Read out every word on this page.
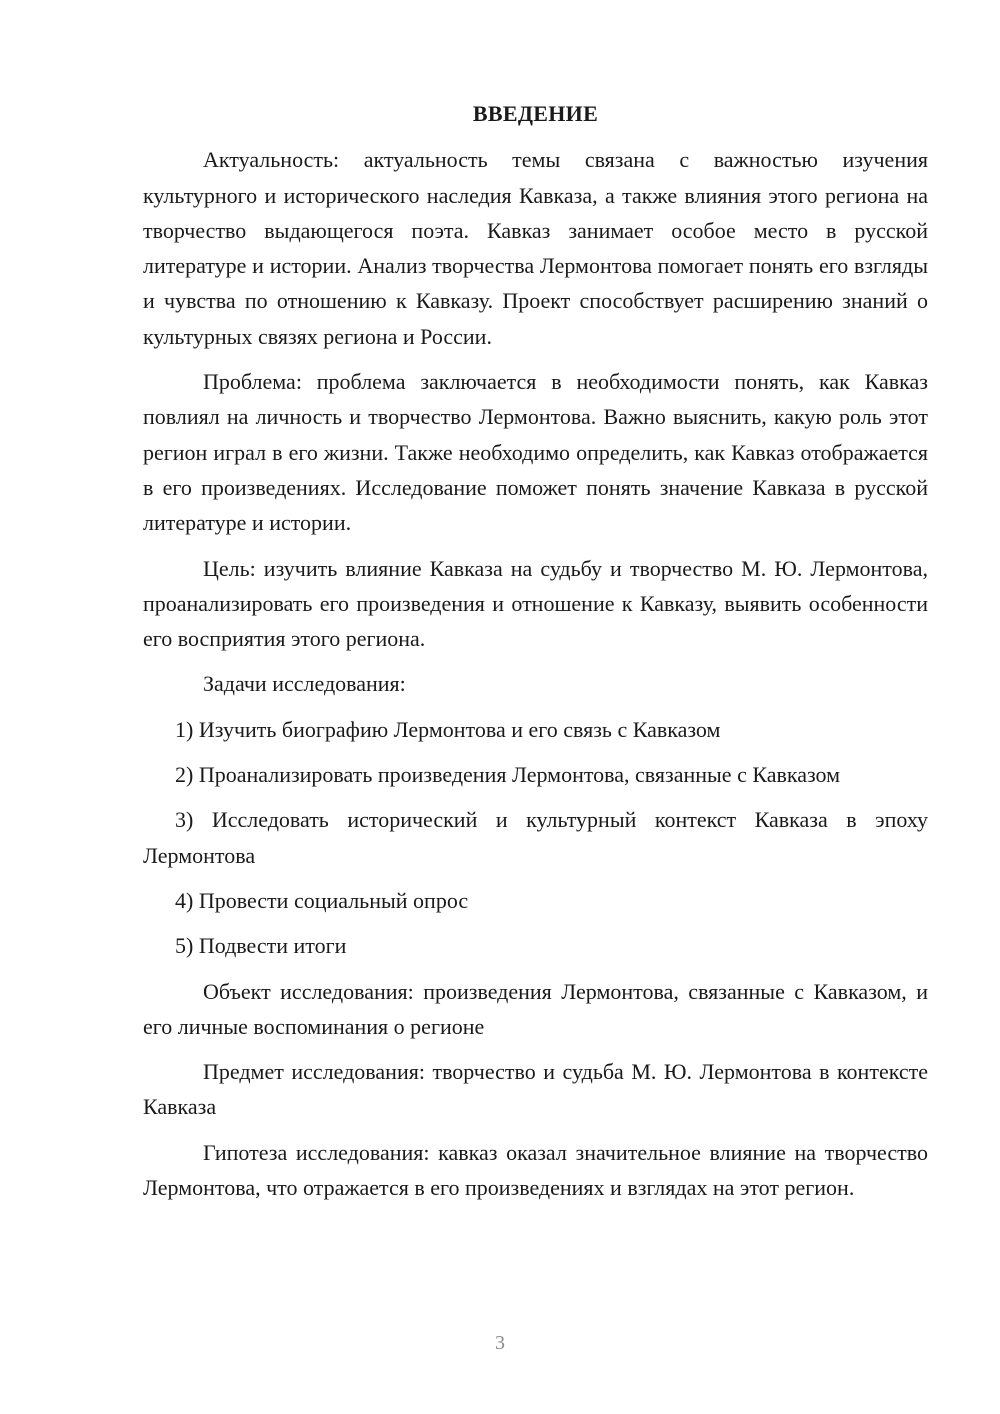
ВВЕДЕНИЕ

Актуальность: актуальность темы связана с важностью изучения культурного и исторического наследия Кавказа, а также влияния этого региона на творчество выдающегося поэта. Кавказ занимает особое место в русской литературе и истории. Анализ творчества Лермонтова помогает понять его взгляды и чувства по отношению к Кавказу. Проект способствует расширению знаний о культурных связях региона и России.

Проблема: проблема заключается в необходимости понять, как Кавказ повлиял на личность и творчество Лермонтова. Важно выяснить, какую роль этот регион играл в его жизни. Также необходимо определить, как Кавказ отображается в его произведениях. Исследование поможет понять значение Кавказа в русской литературе и истории.

Цель: изучить влияние Кавказа на судьбу и творчество М. Ю. Лермонтова, проанализировать его произведения и отношение к Кавказу, выявить особенности его восприятия этого региона.

Задачи исследования:

1) Изучить биографию Лермонтова и его связь с Кавказом

2) Проанализировать произведения Лермонтова, связанные с Кавказом

3) Исследовать исторический и культурный контекст Кавказа в эпоху Лермонтова

4) Провести социальный опрос

5) Подвести итоги

Объект исследования: произведения Лермонтова, связанные с Кавказом, и его личные воспоминания о регионе

Предмет исследования: творчество и судьба М. Ю. Лермонтова в контексте Кавказа

Гипотеза исследования: кавказ оказал значительное влияние на творчество Лермонтова, что отражается в его произведениях и взглядах на этот регион.

3
